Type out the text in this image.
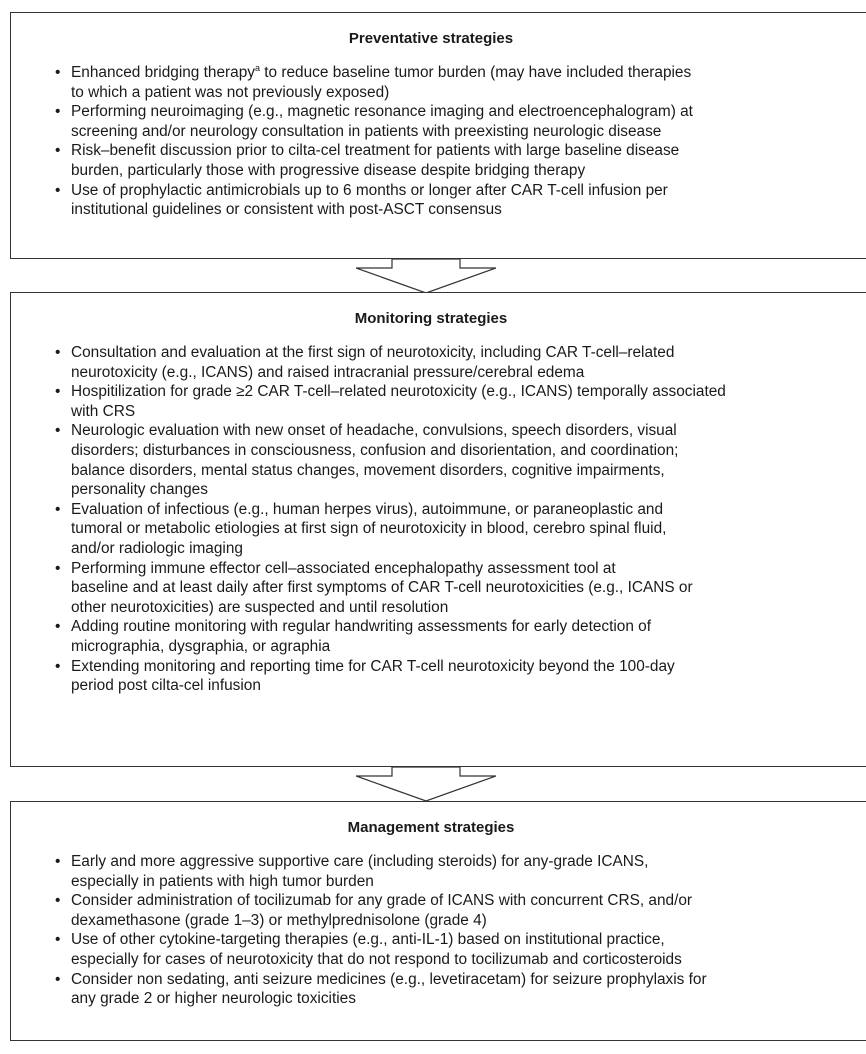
Preventative strategies
• Enhanced bridging therapy$^a$ to reduce baseline tumor burden (may have included therapies
to which a patient was not previously exposed)
• Performing neuroimaging (e.g., magnetic resonance imaging and electroencephalogram) at
screening and/or neurology consultation in patients with preexisting neurologic disease
• Risk–benefit discussion prior to cilta-cel treatment for patients with large baseline disease
burden, particularly those with progressive disease despite bridging therapy
• Use of prophylactic antimicrobials up to 6 months or longer after CAR T-cell infusion per
institutional guidelines or consistent with post-ASCT consensus
Monitoring strategies
• Consultation and evaluation at the first sign of neurotoxicity, including CAR T-cell–related
neurotoxicity (e.g., ICANS) and raised intracranial pressure/cerebral edema
• Hospitilization for grade ≥2 CAR T-cell–related neurotoxicity (e.g., ICANS) temporally associated
with CRS
• Neurologic evaluation with new onset of headache, convulsions, speech disorders, visual
disorders; disturbances in consciousness, confusion and disorientation, and coordination;
balance disorders, mental status changes, movement disorders, cognitive impairments,
personality changes
• Evaluation of infectious (e.g., human herpes virus), autoimmune, or paraneoplastic and
tumoral or metabolic etiologies at first sign of neurotoxicity in blood, cerebro spinal fluid,
and/or radiologic imaging
• Performing immune effector cell–associated encephalopathy assessment tool at
baseline and at least daily after first symptoms of CAR T-cell neurotoxicities (e.g., ICANS or
other neurotoxicities) are suspected and until resolution
• Adding routine monitoring with regular handwriting assessments for early detection of
micrographia, dysgraphia, or agraphia
• Extending monitoring and reporting time for CAR T-cell neurotoxicity beyond the 100-day
period post cilta-cel infusion
Management strategies
• Early and more aggressive supportive care (including steroids) for any-grade ICANS,
especially in patients with high tumor burden
• Consider administration of tocilizumab for any grade of ICANS with concurrent CRS, and/or
dexamethasone (grade 1–3) or methylprednisolone (grade 4)
• Use of other cytokine-targeting therapies (e.g., anti-IL-1) based on institutional practice,
especially for cases of neurotoxicity that do not respond to tocilizumab and corticosteroids
• Consider non sedating, anti seizure medicines (e.g., levetiracetam) for seizure prophylaxis for
any grade 2 or higher neurologic toxicities
